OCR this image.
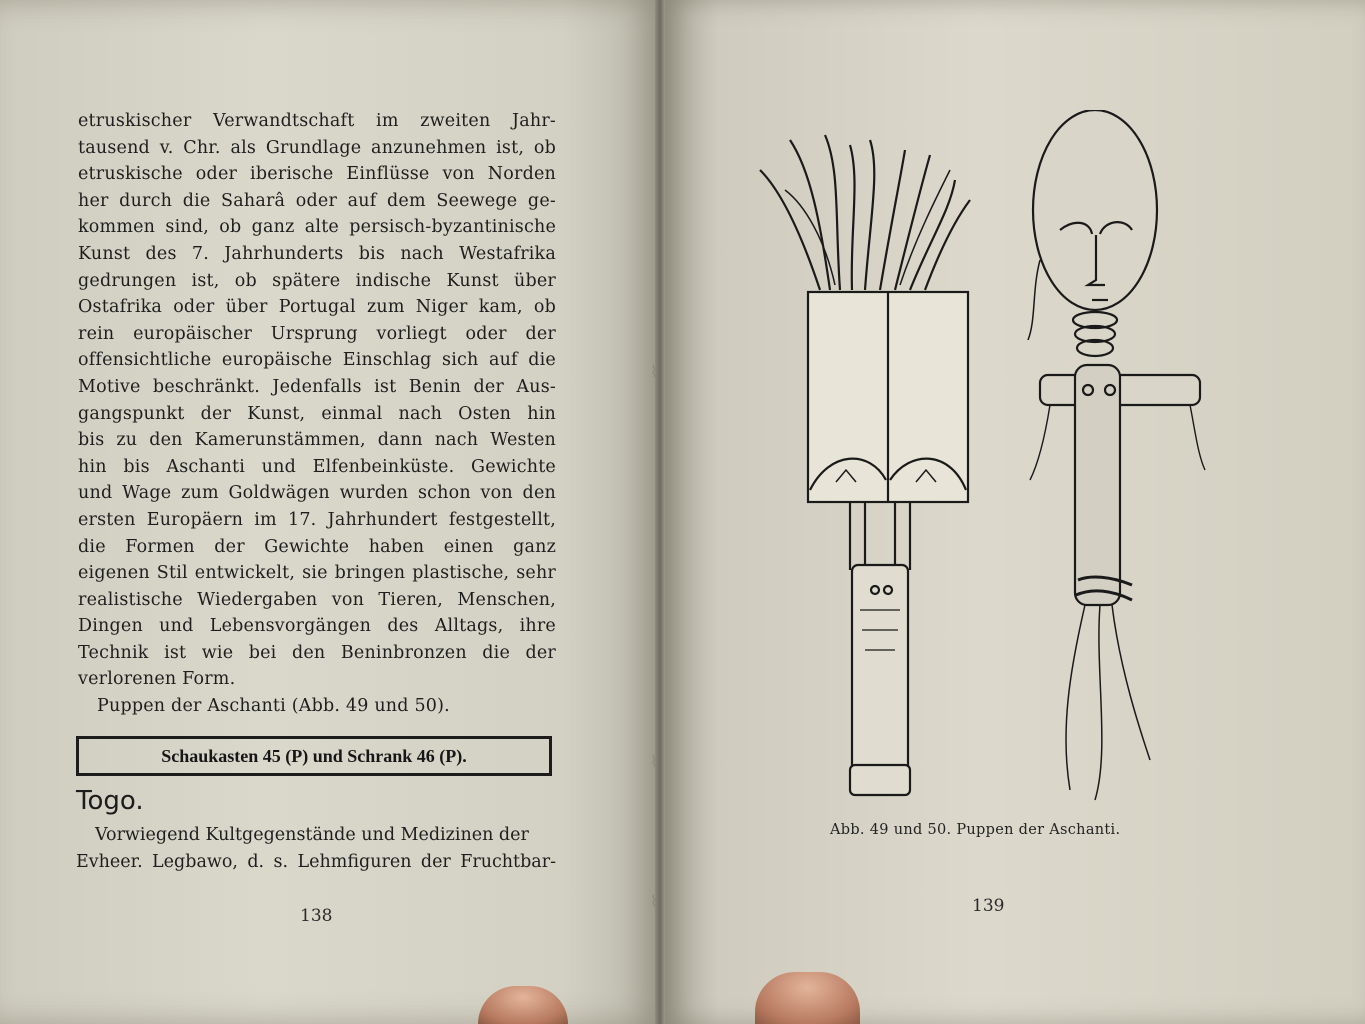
etruskischer Verwandtschaft im zweiten Jahr-
tausend v. Chr. als Grundlage anzunehmen ist, ob
etruskische oder iberische Einflüsse von Norden
her durch die Saharâ oder auf dem Seewege ge-
kommen sind, ob ganz alte persisch-byzantinische
Kunst des 7. Jahrhunderts bis nach Westafrika
gedrungen ist, ob spätere indische Kunst über
Ostafrika oder über Portugal zum Niger kam, ob
rein europäischer Ursprung vorliegt oder der
offensichtliche europäische Einschlag sich auf die
Motive beschränkt. Jedenfalls ist Benin der Aus-
gangspunkt der Kunst, einmal nach Osten hin
bis zu den Kamerunstämmen, dann nach Westen
hin bis Aschanti und Elfenbeinküste. Gewichte
und Wage zum Goldwägen wurden schon von den
ersten Europäern im 17. Jahrhundert festgestellt,
die Formen der Gewichte haben einen ganz
eigenen Stil entwickelt, sie bringen plastische, sehr
realistische Wiedergaben von Tieren, Menschen,
Dingen und Lebensvorgängen des Alltags, ihre
Technik ist wie bei den Beninbronzen die der
verlorenen Form.
Puppen der Aschanti (Abb. 49 und 50).
Schaukasten 45 (P) und Schrank 46 (P).
Togo.
Vorwiegend Kultgegenstände und Medizinen der
Evheer. Legbawo, d. s. Lehmfiguren der Fruchtbar-
138
⌇
⌇
⌇
Abb. 49 und 50. Puppen der Aschanti.
139
